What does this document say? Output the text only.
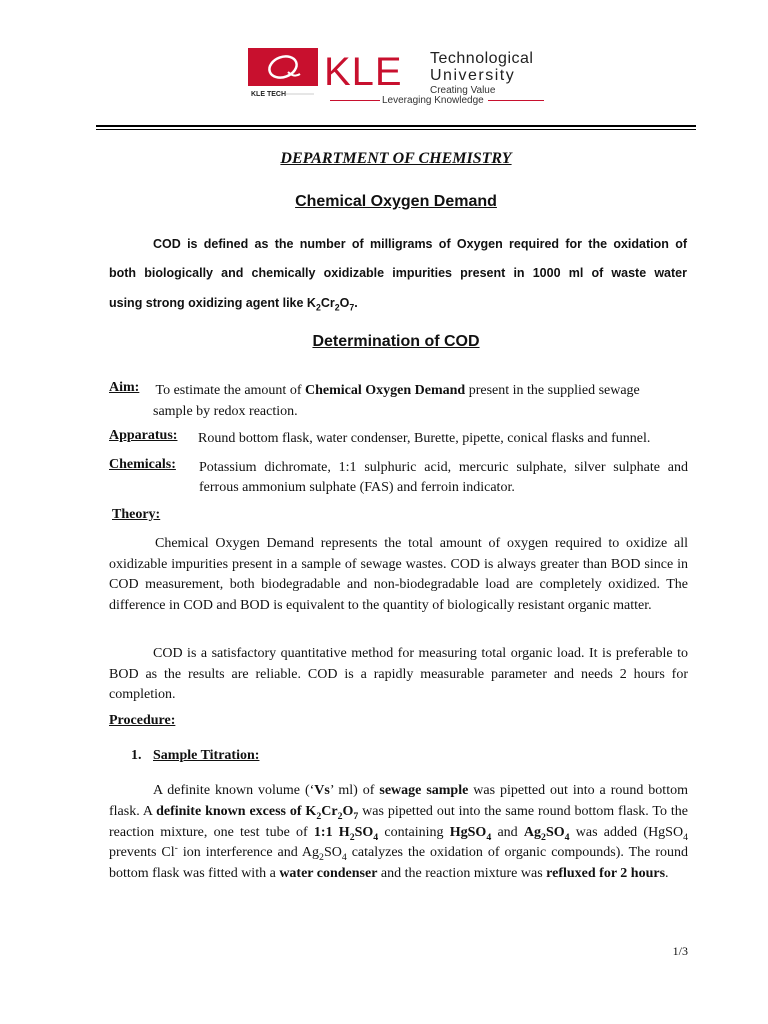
KLE TECH
KLE Technological
University
Creating Value
Leveraging Knowledge
DEPARTMENT OF CHEMISTRY
Chemical Oxygen Demand
COD is defined as the number of milligrams of Oxygen required for the oxidation of
both biologically and chemically oxidizable impurities present in 1000 ml of waste water
using strong oxidizing agent like $K_2Cr_2O_7$.
Determination of COD
Aim: To estimate the amount of Chemical Oxygen Demand present in the supplied sewage
sample by redox reaction.
Apparatus: Round bottom flask, water condenser, Burette, pipette, conical flasks and funnel.
Chemicals: Potassium dichromate, 1:1 sulphuric acid, mercuric sulphate, silver sulphate and
ferrous ammonium sulphate (FAS) and ferroin indicator.
Theory:
Chemical Oxygen Demand represents the total amount of oxygen required to oxidize all oxidizable impurities present in a sample of sewage wastes. COD is always greater than BOD since in COD measurement, both biodegradable and non-biodegradable load are completely oxidized. The difference in COD and BOD is equivalent to the quantity of biologically resistant organic matter.
COD is a satisfactory quantitative method for measuring total organic load. It is preferable to BOD as the results are reliable. COD is a rapidly measurable parameter and needs 2 hours for completion.
Procedure:
1. Sample Titration:
A definite known volume (‘Vs’ ml) of sewage sample was pipetted out into a round bottom flask. A definite known excess of $K_2Cr_2O_7$ was pipetted out into the same round bottom flask. To the reaction mixture, one test tube of 1:1 $H_2SO_4$ containing HgSO$_4$ and $Ag_2SO_4$ was added (HgSO$_4$ prevents Cl- ion interference and $Ag_2SO_4$ catalyzes the oxidation of organic compounds). The round bottom flask was fitted with a water condenser and the reaction mixture was refluxed for 2 hours.
1/3
